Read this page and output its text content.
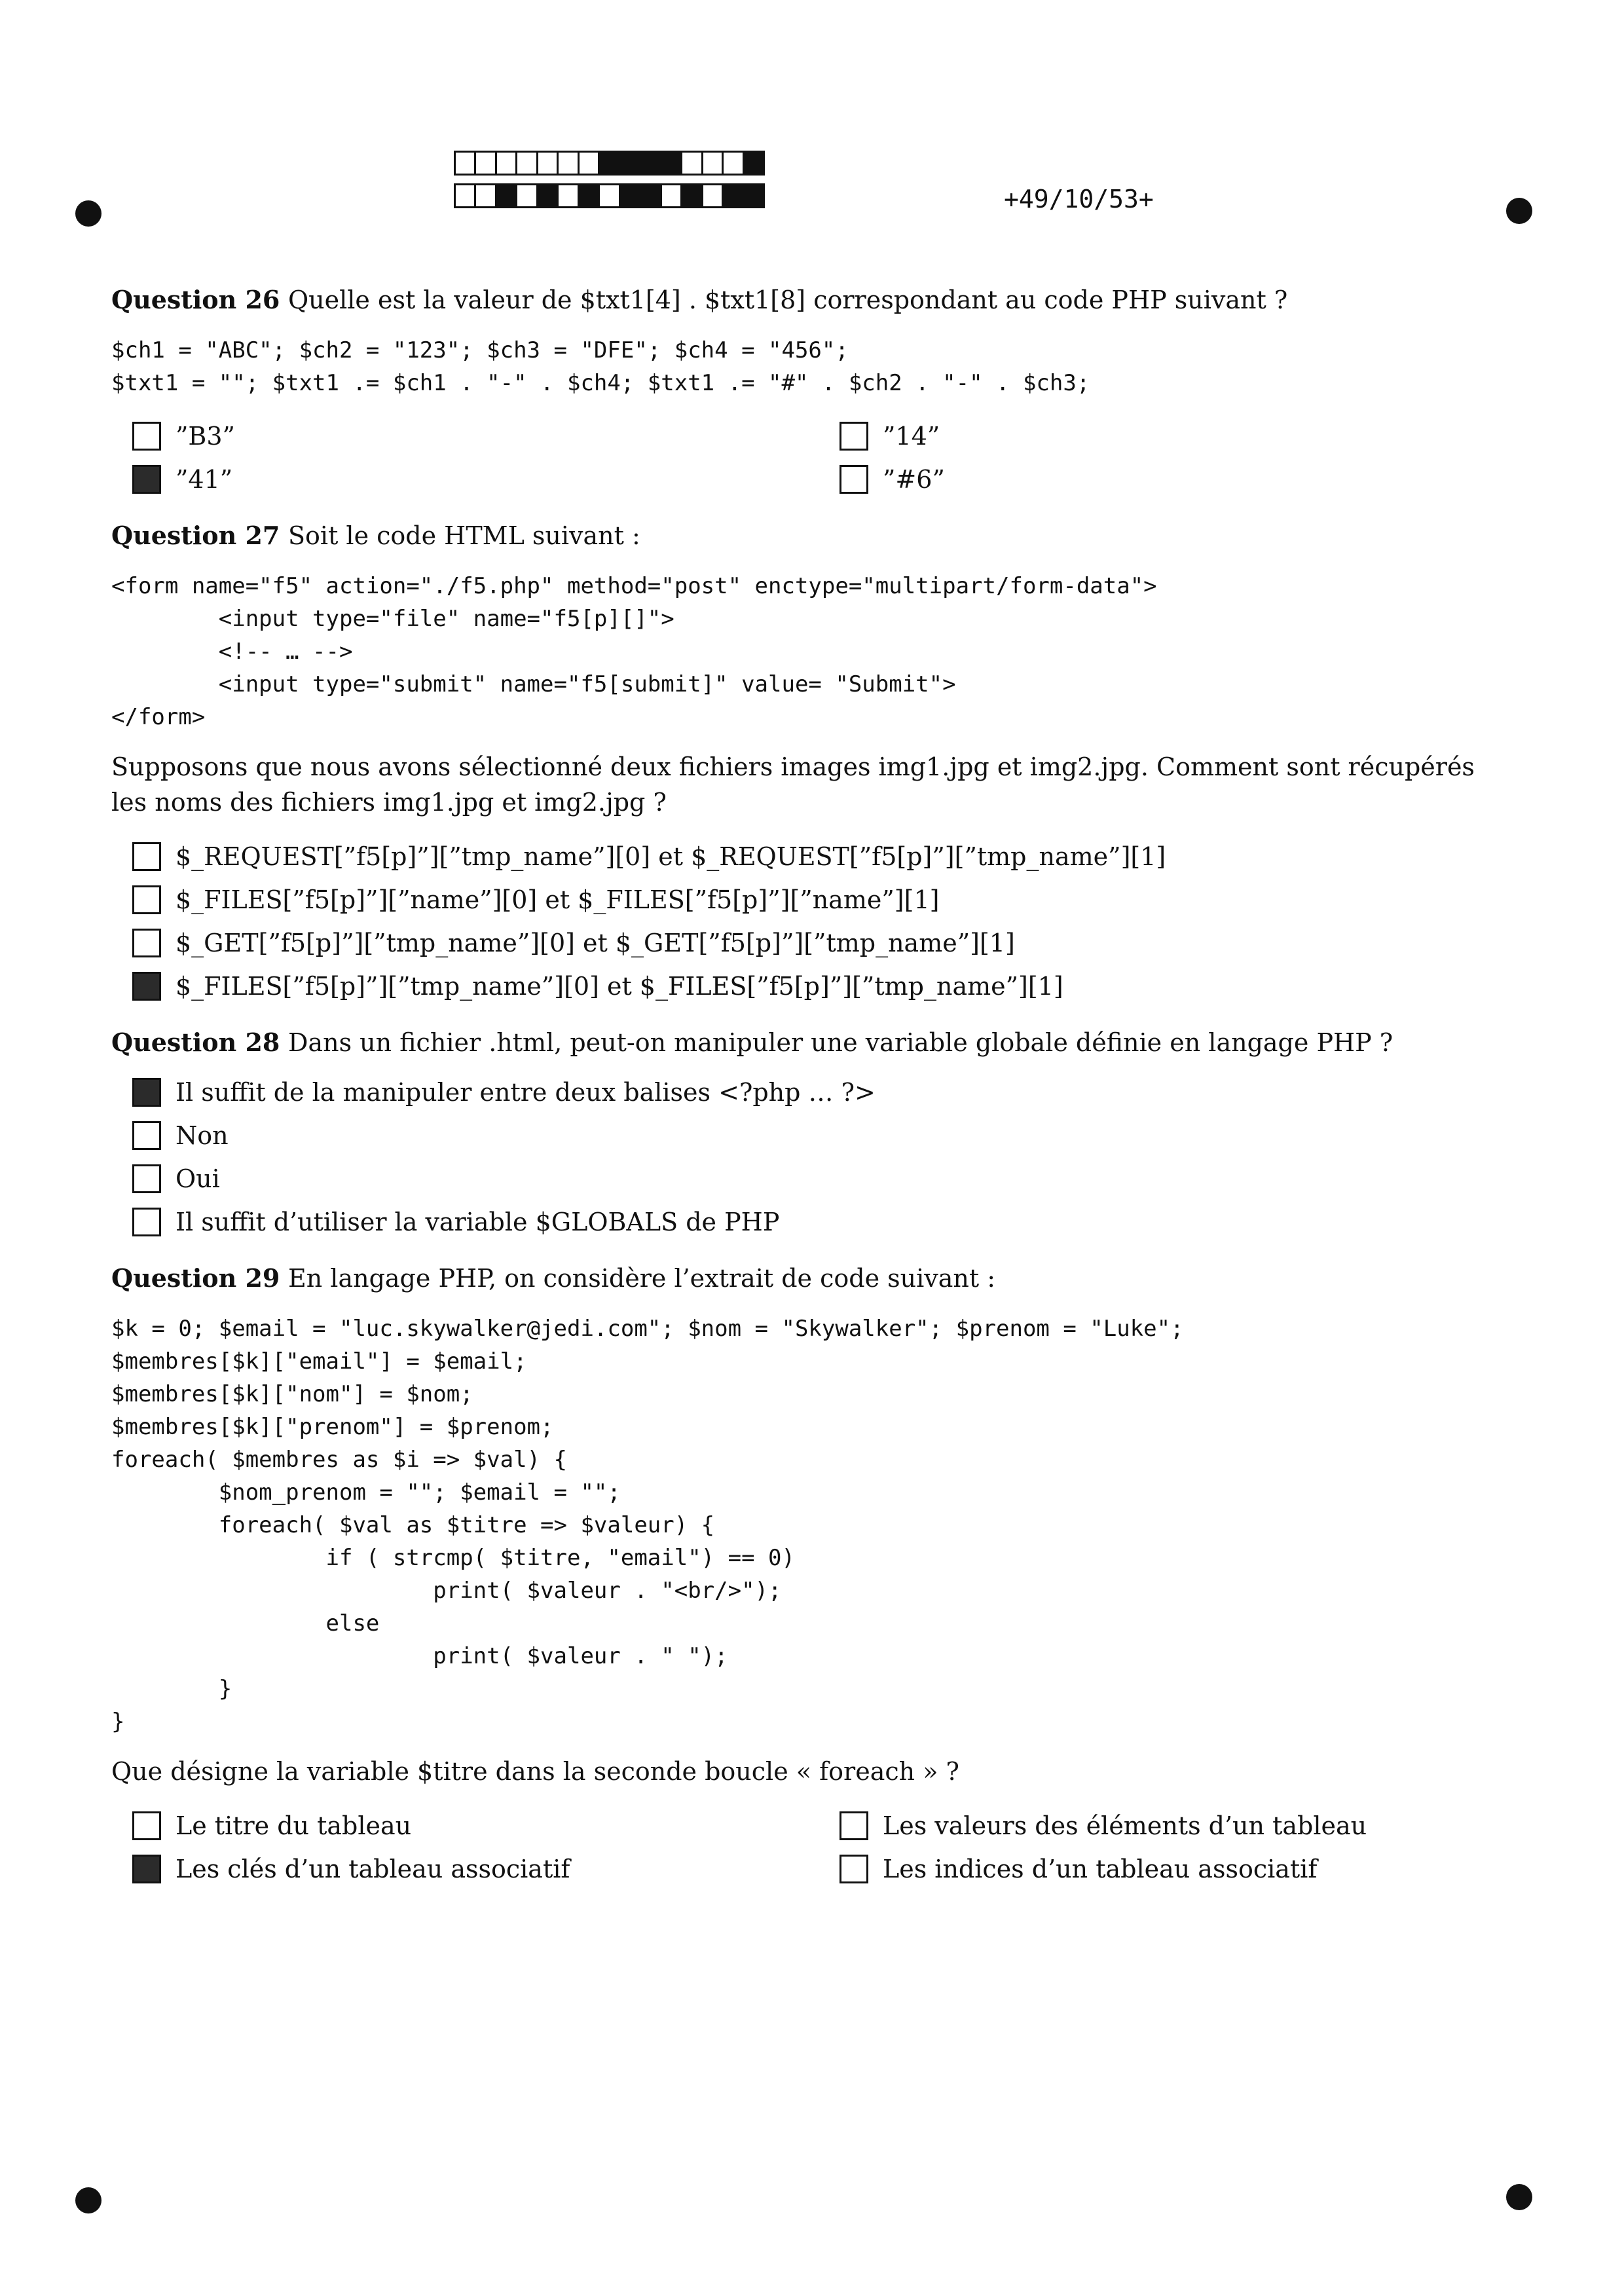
+49/10/53+
Question 26 Quelle est la valeur de $txt1[4] . $txt1[8] correspondant au code PHP suivant ?
$ch1 = "ABC"; $ch2 = "123"; $ch3 = "DFE"; $ch4 = "456";
$txt1 = ""; $txt1 .= $ch1 . "-" . $ch4; $txt1 .= "#" . $ch2 . "-" . $ch3;
”B3”	”14”
”41”	”#6”
Question 27 Soit le code HTML suivant :
<form name="f5" action="./f5.php" method="post" enctype="multipart/form-data">
<input type="file" name="f5[p][]">
<!-- … -->
<input type="submit" name="f5[submit]" value= "Submit">
</form>
Supposons que nous avons sélectionné deux fichiers images img1.jpg et img2.jpg. Comment sont récupérés les noms des fichiers img1.jpg et img2.jpg ?
$_REQUEST[”f5[p]”][”tmp_name”][0] et $_REQUEST[”f5[p]”][”tmp_name”][1]
$_FILES[”f5[p]”][”name”][0] et $_FILES[”f5[p]”][”name”][1]
$_GET[”f5[p]”][”tmp_name”][0] et $_GET[”f5[p]”][”tmp_name”][1]
$_FILES[”f5[p]”][”tmp_name”][0] et $_FILES[”f5[p]”][”tmp_name”][1]
Question 28 Dans un fichier .html, peut-on manipuler une variable globale définie en langage PHP ?
Il suffit de la manipuler entre deux balises <?php … ?>
Non
Oui
Il suffit d’utiliser la variable $GLOBALS de PHP
Question 29 En langage PHP, on considère l’extrait de code suivant :
$k = 0; $email = "luc.skywalker@jedi.com"; $nom = "Skywalker"; $prenom = "Luke";
$membres[$k]["email"] = $email;
$membres[$k]["nom"] = $nom;
$membres[$k]["prenom"] = $prenom;
foreach( $membres as $i => $val) {
$nom_prenom = ""; $email = "";
foreach( $val as $titre => $valeur) {
if ( strcmp( $titre, "email") == 0)
print( $valeur . "<br/>");
else
print( $valeur . " ");
}
}
Que désigne la variable $titre dans la seconde boucle « foreach » ?
Le titre du tableau	Les valeurs des éléments d’un tableau
Les clés d’un tableau associatif	Les indices d’un tableau associatif
